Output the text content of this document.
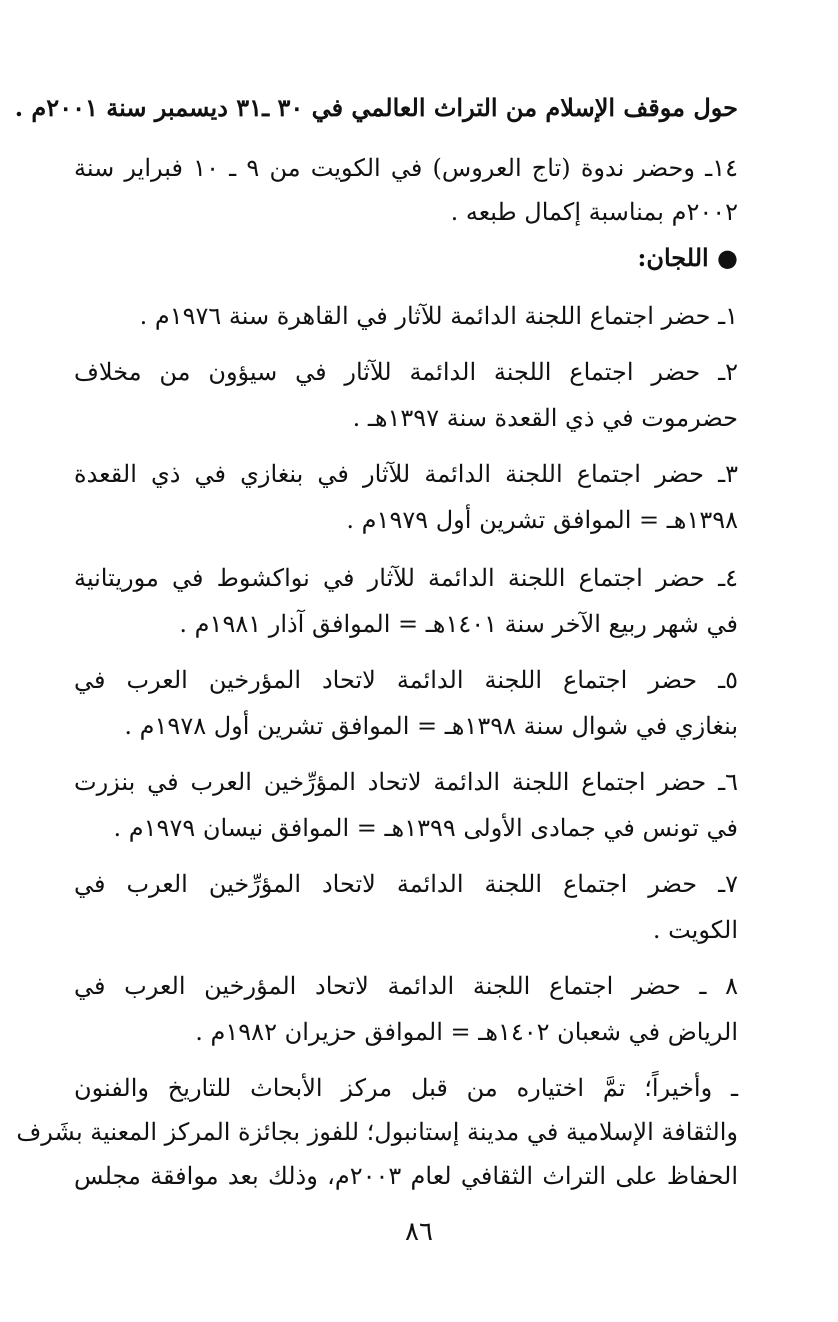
حول موقف الإسلام من التراث العالمي في ٣٠ ـ٣١ ديسمبر سنة ٢٠٠١م .
١٤ـ وحضر ندوة (تاج العروس) في الكويت من ٩ ـ ١٠ فبراير سنة
٢٠٠٢م بمناسبة إكمال طبعه .
● اللجان:
١ـ حضر اجتماع اللجنة الدائمة للآثار في القاهرة سنة ١٩٧٦م .
٢ـ حضر اجتماع اللجنة الدائمة للآثار في سيؤون من مخلاف
حضرموت في ذي القعدة سنة ١٣٩٧هـ .
٣ـ حضر اجتماع اللجنة الدائمة للآثار في بنغازي في ذي القعدة
١٣٩٨هـ = الموافق تشرين أول ١٩٧٩م .
٤ـ حضر اجتماع اللجنة الدائمة للآثار في نواكشوط في موريتانية
في شهر ربيع الآخر سنة ١٤٠١هـ = الموافق آذار ١٩٨١م .
٥ـ حضر اجتماع اللجنة الدائمة لاتحاد المؤرخين العرب في
بنغازي في شوال سنة ١٣٩٨هـ = الموافق تشرين أول ١٩٧٨م .
٦ـ حضر اجتماع اللجنة الدائمة لاتحاد المؤرِّخين العرب في بنزرت
في تونس في جمادى الأولى ١٣٩٩هـ = الموافق نيسان ١٩٧٩م .
٧ـ حضر اجتماع اللجنة الدائمة لاتحاد المؤرِّخين العرب في
الكويت .
٨ ـ حضر اجتماع اللجنة الدائمة لاتحاد المؤرخين العرب في
الرياض في شعبان ١٤٠٢هـ = الموافق حزيران ١٩٨٢م .
ـ وأخيراً؛ تمَّ اختياره من قبل مركز الأبحاث للتاريخ والفنون
والثقافة الإسلامية في مدينة إستانبول؛ للفوز بجائزة المركز المعنية بشَرف
الحفاظ على التراث الثقافي لعام ٢٠٠٣م، وذلك بعد موافقة مجلس
٨٦
